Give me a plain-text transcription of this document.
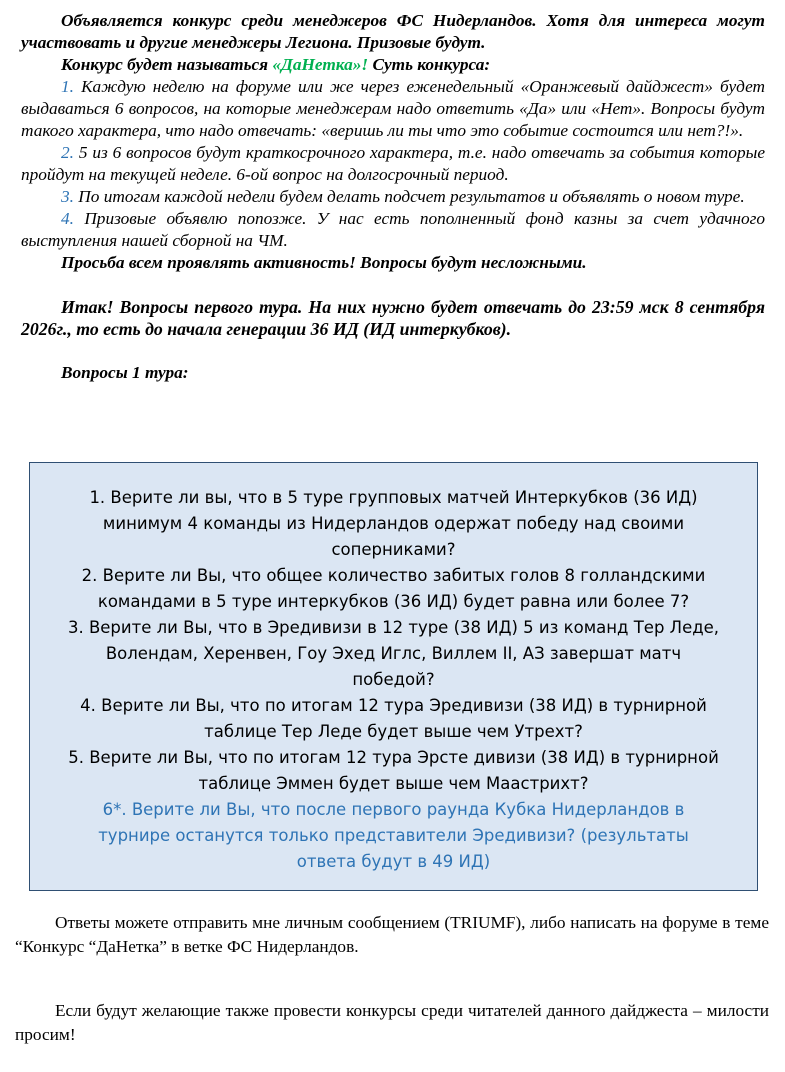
Объявляется конкурс среди менеджеров ФС Нидерландов. Хотя для интереса могут участвовать и другие менеджеры Легиона. Призовые будут.

Конкурс будет называться «ДаНетка»! Суть конкурса:

1. Каждую неделю на форуме или же через еженедельный «Оранжевый дайджест» будет выдаваться 6 вопросов, на которые менеджерам надо ответить «Да» или «Нет». Вопросы будут такого характера, что надо отвечать: «веришь ли ты что это событие состоится или нет?!».

2. 5 из 6 вопросов будут краткосрочного характера, т.е. надо отвечать за события которые пройдут на текущей неделе. 6-ой вопрос на долгосрочный период.

3. По итогам каждой недели будем делать подсчет результатов и объявлять о новом туре.

4. Призовые объявлю попозже. У нас есть пополненный фонд казны за счет удачного выступления нашей сборной на ЧМ.

Просьба всем проявлять активность! Вопросы будут несложными.

Итак! Вопросы первого тура. На них нужно будет отвечать до 23:59 мск 8 сентября 2026г., то есть до начала генерации 36 ИД (ИД интеркубков).

Вопросы 1 тура:

1. Верите ли вы, что в 5 туре групповых матчей Интеркубков (36 ИД) минимум 4 команды из Нидерландов одержат победу над своими соперниками?

2. Верите ли Вы, что общее количество забитых голов 8 голландскими командами в 5 туре интеркубков (36 ИД) будет равна или более 7?

3. Верите ли Вы, что в Эредивизи в 12 туре (38 ИД) 5 из команд Тер Леде, Волендам, Херенвен, Гоу Эхед Иглс, Виллем II, АЗ завершат матч победой?

4. Верите ли Вы, что по итогам 12 тура Эредивизи (38 ИД) в турнирной таблице Тер Леде будет выше чем Утрехт?

5. Верите ли Вы, что по итогам 12 тура Эрсте дивизи (38 ИД) в турнирной таблице Эммен будет выше чем Маастрихт?

6*. Верите ли Вы, что после первого раунда Кубка Нидерландов в турнире останутся только представители Эредивизи? (результаты ответа будут в 49 ИД)

Ответы можете отправить мне личным сообщением (TRIUMF), либо написать на форуме в теме “Конкурс “ДаНетка” в ветке ФС Нидерландов.

Если будут желающие также провести конкурсы среди читателей данного дайджеста – милости просим!
